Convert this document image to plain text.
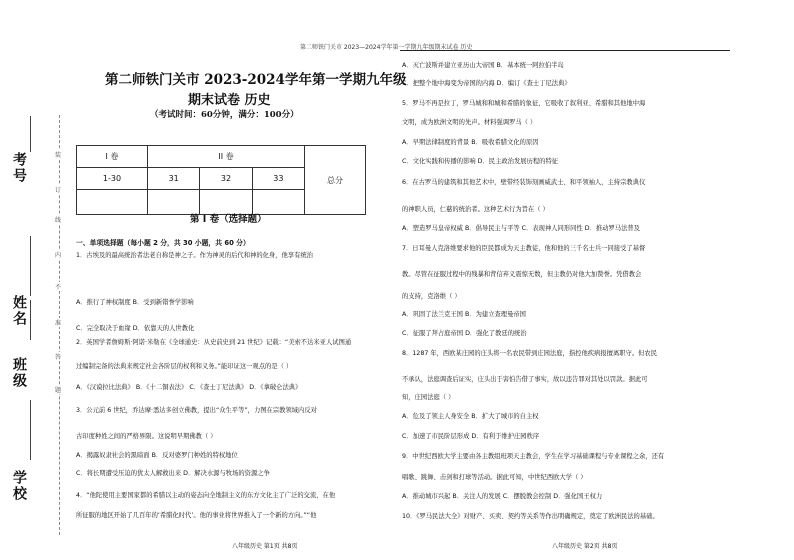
第二师铁门关市 2023—2024学年第一学期九年级期末试卷 历史
考号
姓名
班级
学校
装
订
线
内
不
准
答
题
第二师铁门关市 2023-2024学年第一学期九年级
期末试卷 历史
（考试时间：60分钟，满分：100分）
I 卷	II 卷			总分
1-30	31	32	33	

第 I 卷（选择题）
一、单项选择题（每小题 2 分，共 30 小题，共 60 分）
1．古埃及的最高统治者法老自称是神之子。作为神灵的后代和神的化身，他享有统治
A．推行了神权制度 B．受到新错誉学影响
C．完全取决于血缘 D．依靠天的人世教化
2．英国学者詹姆斯·阿诺·米勒在《全球通史：从史前史到 21 世纪》记载：“美索不达米亚人试图通
过编制完备的法典来规定社会各阶层的权利和义务。”能印证这一观点的是（ ）
A．《汉谟拉比法典》 B．《十二铜表法》 C．《查士丁尼法典》 D．《拿破仑法典》
3．公元前 6 世纪，乔达摩·悉达多创立佛教，提出“众生平等”，力图在宗教领域内反对
古印度种姓之间的严格界限。这说明早期佛教（ ）
A．揭露奴隶社会的黑暗面 B．反对婆罗门种姓的特权地位
C．将长期遭受压迫的犹太人解救出来 D．解决水源与牧场的资源之争
4．“他陀使用主要国家都的希腊以主动的姿态向全地制主义的东方文化主了广泛的交流，在他
所征服的地区开始了几百年的‘希腊化时代’。他的事业将世界推入了一个新的方向。”“他
A．灭亡波斯并建立亚历山大帝国 B．基本统一阿拉伯半岛
C．把整个地中海变为帝国的内海 D．编订《查士丁尼法典》
5．罗马不再是拉丁，罗马城和和城和希腊的象征，它吸收了叙利亚、希腊和其他地中海
文明，成为欧洲文明的先声。材料强调罗马（ ）
A．早期法律制度的背景 B．吸收希腊文化的原因
C．文化实践和传播的影响 D．民主政治发展历程的特征
6．在古罗马的建筑和其他艺术中，壁带经装饰刻画威武士、和平领袖人，主持宗教典仪
的神职人员，仁慈的统治者。这种艺术行为旨在（ ）
A．塑造罗马皇帝权威 B．倡导民主与平等 C．表现神人同形同性 D．推动罗马法普及
7．日耳曼人克洛维要求他的臣民都成为天主教徒，他和他的三千名士兵一同接受了基督
教。尽管在征服过程中的残暴和背信弃义震惊无数，但主教仍对他大加赞誉。凭借教会
的支持，克洛维（ ）
A．巩固了法兰克王国 B．为建立查理曼帝国
C．征服了拜占庭帝国 D．强化了教廷的统治
8．1287 年，西欧某庄园的庄头将一名农民带到庄园法庭，指控他疾病报擅离职守。但农民
不承认，法庭调查后证实，庄头出于害怕告借了事实，故以违告罪对其处以罚款。据此可
知，庄园法庭（ ）
A．危及了领主人身安全 B．扩大了城市的自主权
C．加速了市民阶层形成 D．有利于维护庄园秩序
9．中世纪西欧大学主要由各主教组班项天主教会，学生在学习基础课程与专业课程之余，还有
唱歌、跳舞、击剑和打球等活动。据此可知，中世纪西欧大学（ ）
A．推动城市兴起 B．关注人的发展 C．摆脱教会控制 D．强化国王权力
10．《罗马民法大全》对财产、买卖、契约等关系等作出明确规定，奠定了欧洲民法的基础。
八年级历史 第1页 共8页	八年级历史 第2页 共8页
